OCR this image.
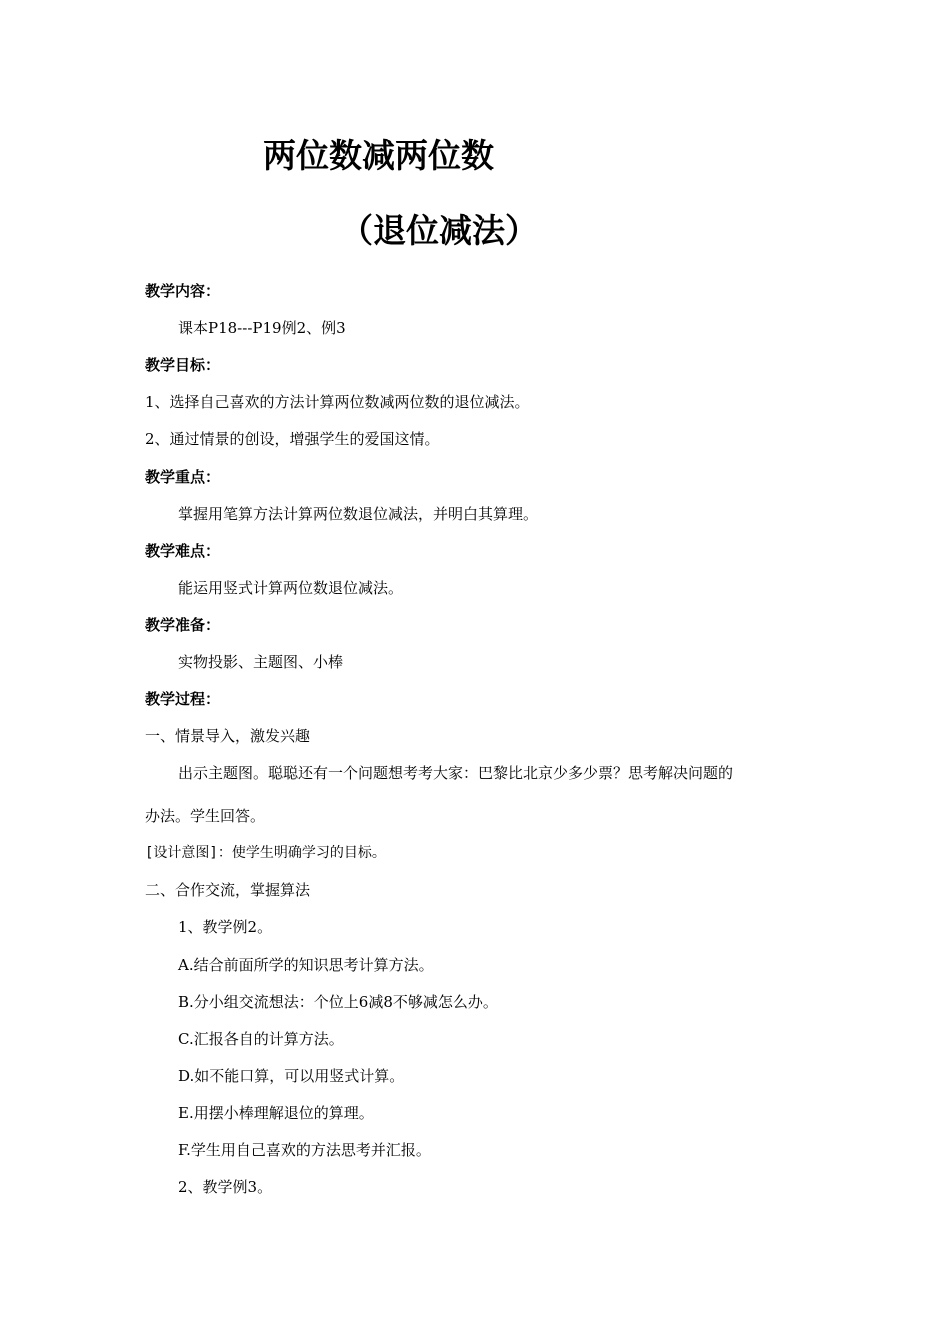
两位数减两位数
（退位减法）
教学内容：
课本P18---P19例2、例3
教学目标：
1、选择自己喜欢的方法计算两位数减两位数的退位减法。
2、通过情景的创设，增强学生的爱国这情。
教学重点：
掌握用笔算方法计算两位数退位减法，并明白其算理。
教学难点：
能运用竖式计算两位数退位减法。
教学准备：
实物投影、主题图、小棒
教学过程：
一、情景导入，激发兴趣
出示主题图。聪聪还有一个问题想考考大家：巴黎比北京少多少票？思考解决问题的
办法。学生回答。
[设计意图]：使学生明确学习的目标。
二、合作交流，掌握算法
1、教学例2。
A.结合前面所学的知识思考计算方法。
B.分小组交流想法：个位上6减8不够减怎么办。
C.汇报各自的计算方法。
D.如不能口算，可以用竖式计算。
E.用摆小棒理解退位的算理。
F.学生用自己喜欢的方法思考并汇报。
2、教学例3。
